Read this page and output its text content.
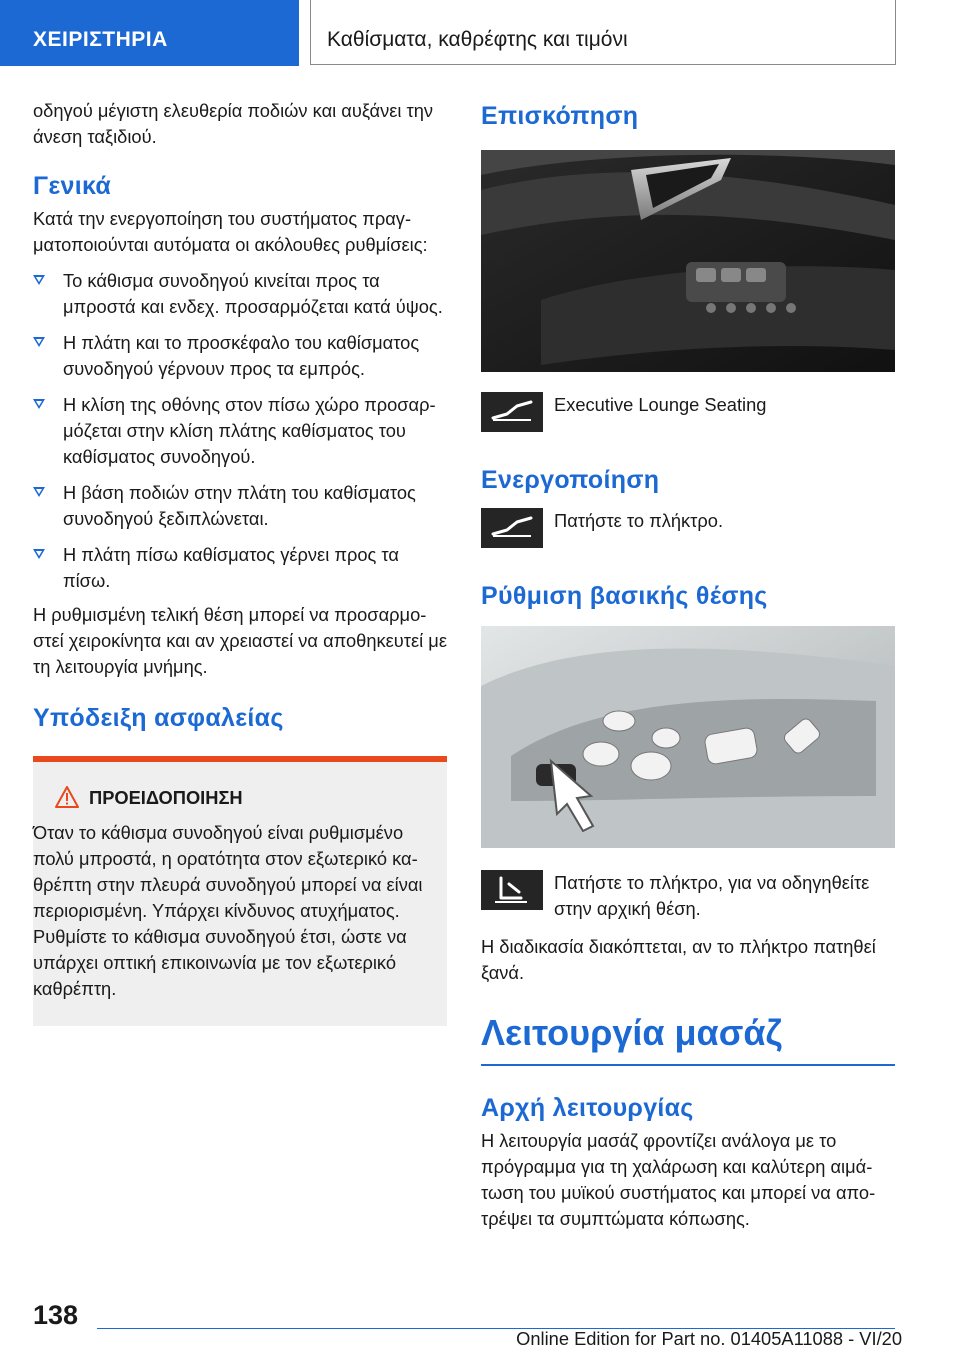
ΧΕΙΡΙΣΤΗΡΙΑ	Καθίσματα, καθρέφτης και τιμόνι

οδηγού μέγιστη ελευθερία ποδιών και αυξάνει την άνεση ταξιδιού.

Γενικά

Κατά την ενεργοποίηση του συστήματος πραγματοποιούνται αυτόματα οι ακόλουθες ρυθμίσεις:

Το κάθισμα συνοδηγού κινείται προς τα μπροστά και ενδεχ. προσαρμόζεται κατά ύψος.
Η πλάτη και το προσκέφαλο του καθίσματος συνοδηγού γέρνουν προς τα εμπρός.
Η κλίση της οθόνης στον πίσω χώρο προσαρμόζεται στην κλίση πλάτης καθίσματος του καθίσματος συνοδηγού.
Η βάση ποδιών στην πλάτη του καθίσματος συνοδηγού ξεδιπλώνεται.
Η πλάτη πίσω καθίσματος γέρνει προς τα πίσω.

Η ρυθμισμένη τελική θέση μπορεί να προσαρμοστεί χειροκίνητα και αν χρειαστεί να αποθηκευτεί με τη λειτουργία μνήμης.

Υπόδειξη ασφαλείας
ΠΡΟΕΙΔΟΠΟΙΗΣΗ

Όταν το κάθισμα συνοδηγού είναι ρυθμισμένο πολύ μπροστά, η ορατότητα στον εξωτερικό καθρέπτη στην πλευρά συνοδηγού μπορεί να είναι περιορισμένη. Υπάρχει κίνδυνος ατυχήματος. Ρυθμίστε το κάθισμα συνοδηγού έτσι, ώστε να υπάρχει οπτική επικοινωνία με τον εξωτερικό καθρέπτη.

Επισκόπηση

Executive Lounge Seating

Ενεργοποίηση

Πατήστε το πλήκτρο.

Ρύθμιση βασικής θέσης

Πατήστε το πλήκτρο, για να οδηγηθείτε στην αρχική θέση.

Η διαδικασία διακόπτεται, αν το πλήκτρο πατηθεί ξανά.

Λειτουργία μασάζ
Αρχή λειτουργίας

Η λειτουργία μασάζ φροντίζει ανάλογα με το πρόγραμμα για τη χαλάρωση και καλύτερη αιμάτωση του μυϊκού συστήματος και μπορεί να αποτρέψει τα συμπτώματα κόπωσης.

138
Online Edition for Part no. 01405A11088 - VI/20
